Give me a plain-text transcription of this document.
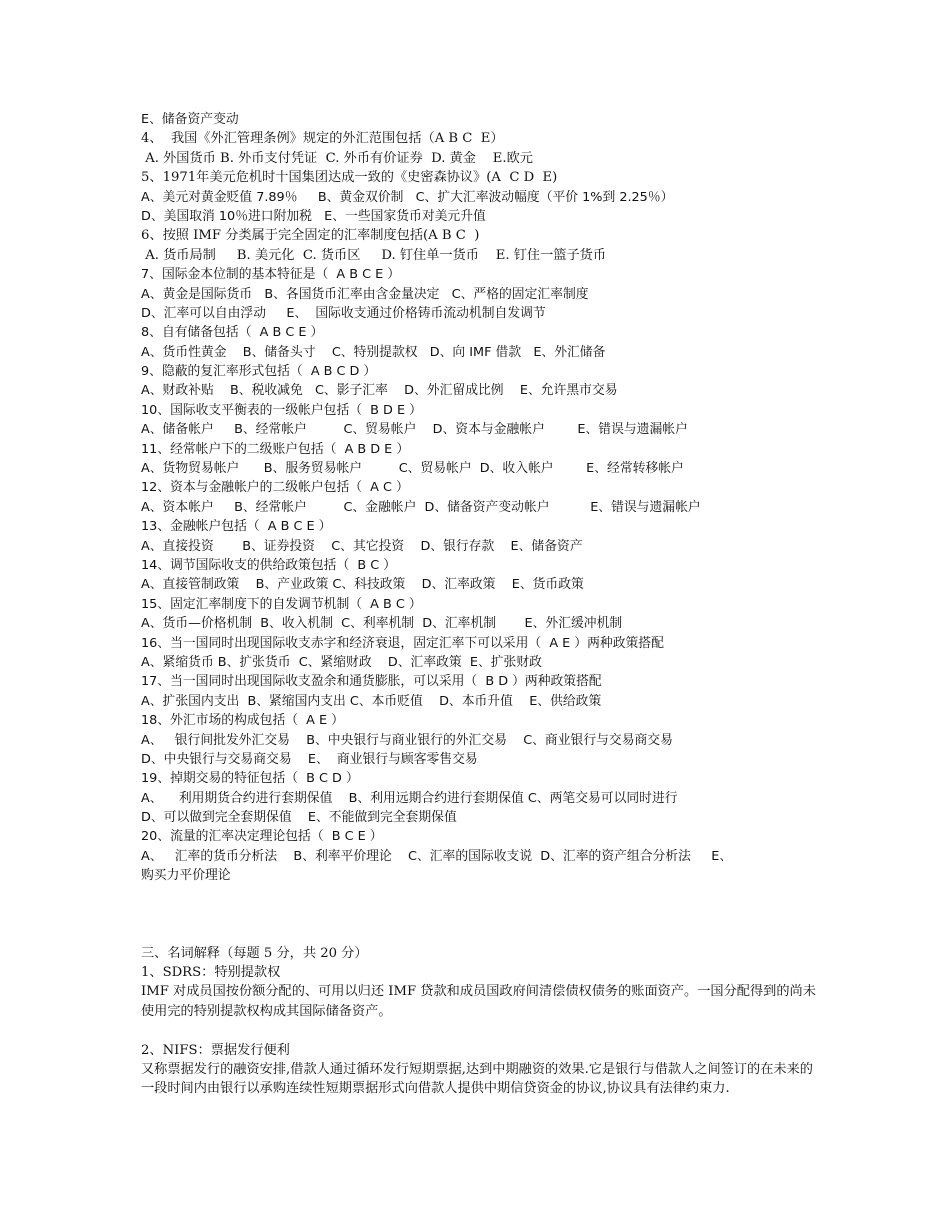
E、储备资产变动
4、  我国《外汇管理条例》规定的外汇范围包括（A B C  E）
A. 外国货币 B. 外币支付凭证  C. 外币有价证券  D. 黄金    E.欧元
5、1971年美元危机时十国集团达成一致的《史密森协议》(A  C D  E)
A、美元对黄金贬值 7.89％     B、黄金双价制   C、扩大汇率波动幅度（平价 1%到 2.25％）
D、美国取消 10％进口附加税   E、一些国家货币对美元升值
6、按照 IMF 分类属于完全固定的汇率制度包括(A B C  )
A. 货币局制     B. 美元化  C. 货币区     D. 钉住单一货币    E. 钉住一篮子货币
7、国际金本位制的基本特征是（  A B C E ）
A、黄金是国际货币   B、各国货币汇率由含金量决定   C、严格的固定汇率制度
D、汇率可以自由浮动     E、  国际收支通过价格铸币流动机制自发调节
8、自有储备包括（  A B C E ）
A、货币性黄金    B、储备头寸    C、特别提款权   D、向 IMF 借款   E、外汇储备
9、隐蔽的复汇率形式包括（  A B C D ）
A、财政补贴    B、税收减免   C、影子汇率    D、外汇留成比例    E、允许黑市交易
10、国际收支平衡表的一级帐户包括（  B D E ）
A、储备帐户     B、经常帐户         C、贸易帐户    D、资本与金融帐户        E、错误与遗漏帐户
11、经常帐户下的二级账户包括（  A B D E ）
A、货物贸易帐户      B、服务贸易帐户         C、贸易帐户  D、收入帐户        E、经常转移帐户
12、资本与金融帐户的二级帐户包括（  A C ）
A、资本帐户     B、经常帐户         C、金融帐户  D、储备资产变动帐户          E、错误与遗漏帐户
13、金融帐户包括（  A B C E ）
A、直接投资       B、证券投资    C、其它投资    D、银行存款    E、储备资产
14、调节国际收支的供给政策包括（  B C ）
A、直接管制政策    B、产业政策 C、科技政策    D、汇率政策    E、货币政策
15、固定汇率制度下的自发调节机制（  A B C ）
A、货币—价格机制  B、收入机制  C、利率机制  D、汇率机制       E、外汇缓冲机制
16、当一国同时出现国际收支赤字和经济衰退，固定汇率下可以采用（  A E ）两种政策搭配
A、紧缩货币 B、扩张货币  C、紧缩财政    D、汇率政策  E、扩张财政
17、当一国同时出现国际收支盈余和通货膨胀，可以采用（  B D ）两种政策搭配
A、扩张国内支出  B、紧缩国内支出 C、本币贬值    D、本币升值    E、供给政策
18、外汇市场的构成包括（  A E ）
A、   银行间批发外汇交易    B、中央银行与商业银行的外汇交易    C、商业银行与交易商交易
D、中央银行与交易商交易    E、  商业银行与顾客零售交易
19、掉期交易的特征包括（  B C D ）
A、    利用期货合约进行套期保值    B、利用远期合约进行套期保值 C、两笔交易可以同时进行
D、可以做到完全套期保值    E、不能做到完全套期保值
20、流量的汇率决定理论包括（  B C E ）
A、   汇率的货币分析法    B、利率平价理论    C、汇率的国际收支说  D、汇率的资产组合分析法     E、
购买力平价理论
三、名词解释（每题 5 分，共 20 分）
1、SDRS：特别提款权

IMF 对成员国按份额分配的、可用以归还 IMF 贷款和成员国政府间清偿债权债务的账面资产。一国分配得到的尚未使用完的特别提款权构成其国际储备资产。

2、NIFS：票据发行便利

又称票据发行的融资安排,借款人通过循环发行短期票据,达到中期融资的效果.它是银行与借款人之间签订的在未来的一段时间内由银行以承购连续性短期票据形式向借款人提供中期信贷资金的协议,协议具有法律约束力.
